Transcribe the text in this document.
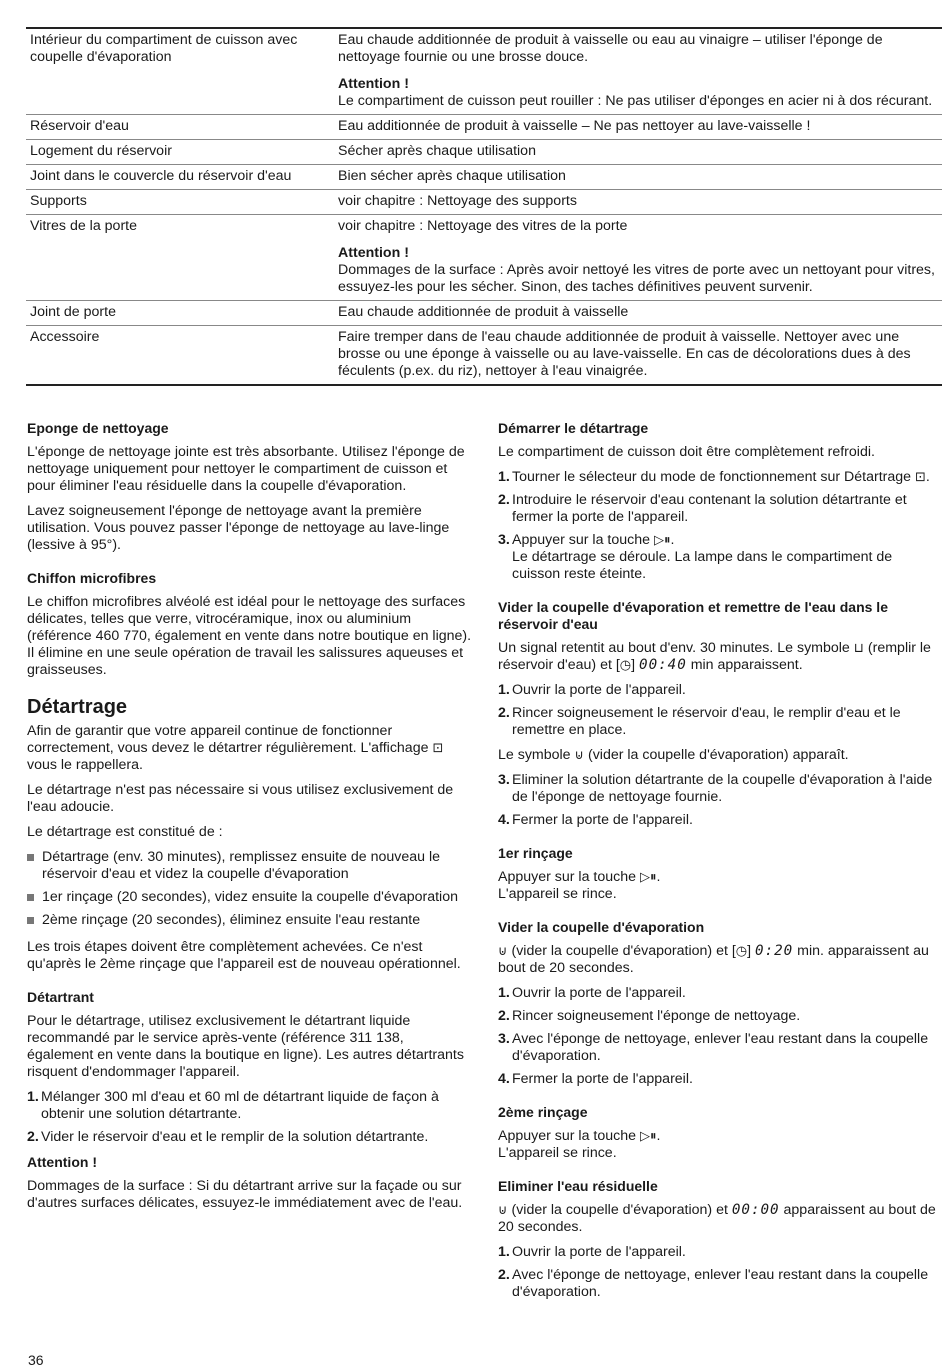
Intérieur du compartiment de cuisson avec coupelle d'évaporation	Eau chaude additionnée de produit à vaisselle ou eau au vinaigre – utiliser l'éponge de nettoyage fournie ou une brosse douce.
Attention !
Le compartiment de cuisson peut rouiller : Ne pas utiliser d'éponges en acier ni à dos récurant.

Réservoir d'eau	Eau additionnée de produit à vaisselle – Ne pas nettoyer au lave-vaisselle !
Logement du réservoir	Sécher après chaque utilisation
Joint dans le couvercle du réservoir d'eau	Bien sécher après chaque utilisation
Supports	voir chapitre : Nettoyage des supports
Vitres de la porte	voir chapitre : Nettoyage des vitres de la porte
Attention !
Dommages de la surface : Après avoir nettoyé les vitres de porte avec un nettoyant pour vitres, essuyez-les pour les sécher. Sinon, des taches définitives peuvent survenir.

Joint de porte	Eau chaude additionnée de produit à vaisselle
Accessoire	Faire tremper dans de l'eau chaude additionnée de produit à vaisselle. Nettoyer avec une brosse ou une éponge à vaisselle ou au lave-vaisselle. En cas de décolorations dues à des féculents (p.ex. du riz), nettoyer à l'eau vinaigrée.
Eponge de nettoyage

L'éponge de nettoyage jointe est très absorbante. Utilisez l'éponge de nettoyage uniquement pour nettoyer le compartiment de cuisson et pour éliminer l'eau résiduelle dans la coupelle d'évaporation.

Lavez soigneusement l'éponge de nettoyage avant la première utilisation. Vous pouvez passer l'éponge de nettoyage au lave-linge (lessive à 95°).

Chiffon microfibres

Le chiffon microfibres alvéolé est idéal pour le nettoyage des surfaces délicates, telles que verre, vitrocéramique, inox ou aluminium (référence 460 770, également en vente dans notre boutique en ligne). Il élimine en une seule opération de travail les salissures aqueuses et graisseuses.

Détartrage

Afin de garantir que votre appareil continue de fonctionner correctement, vous devez le détartrer régulièrement. L'affichage ⊡ vous le rappellera.

Le détartrage n'est pas nécessaire si vous utilisez exclusivement de l'eau adoucie.

Le détartrage est constitué de :

Détartrage (env. 30 minutes), remplissez ensuite de nouveau le réservoir d'eau et videz la coupelle d'évaporation
1er rinçage (20 secondes), videz ensuite la coupelle d'évaporation
2ème rinçage (20 secondes), éliminez ensuite l'eau restante

Les trois étapes doivent être complètement achevées. Ce n'est qu'après le 2ème rinçage que l'appareil est de nouveau opérationnel.

Détartrant

Pour le détartrage, utilisez exclusivement le détartrant liquide recommandé par le service après-vente (référence 311 138, également en vente dans la boutique en ligne). Les autres détartrants risquent d'endommager l'appareil.

1. Mélanger 300 ml d'eau et 60 ml de détartrant liquide de façon à obtenir une solution détartrante.
2. Vider le réservoir d'eau et le remplir de la solution détartrante.
Attention !

Dommages de la surface : Si du détartrant arrive sur la façade ou sur d'autres surfaces délicates, essuyez-le immédiatement avec de l'eau.

Démarrer le détartrage

Le compartiment de cuisson doit être complètement refroidi.

1. Tourner le sélecteur du mode de fonctionnement sur Détartrage ⊡.
2. Introduire le réservoir d'eau contenant la solution détartrante et fermer la porte de l'appareil.
3. Appuyer sur la touche ▷⏸.
Le détartrage se déroule. La lampe dans le compartiment de cuisson reste éteinte.
Vider la coupelle d'évaporation et remettre de l'eau dans le réservoir d'eau

Un signal retentit au bout d'env. 30 minutes. Le symbole ⊔ (remplir le réservoir d'eau) et [◷] 00:40 min apparaissent.

1. Ouvrir la porte de l'appareil.
2. Rincer soigneusement le réservoir d'eau, le remplir d'eau et le remettre en place.

Le symbole ⊍ (vider la coupelle d'évaporation) apparaît.

3. Eliminer la solution détartrante de la coupelle d'évaporation à l'aide de l'éponge de nettoyage fournie.
4. Fermer la porte de l'appareil.
1er rinçage

Appuyer sur la touche ▷⏸.
L'appareil se rince.

Vider la coupelle d'évaporation

⊍ (vider la coupelle d'évaporation) et [◷] 0:20 min. apparaissent au bout de 20 secondes.

1. Ouvrir la porte de l'appareil.
2. Rincer soigneusement l'éponge de nettoyage.
3. Avec l'éponge de nettoyage, enlever l'eau restant dans la coupelle d'évaporation.
4. Fermer la porte de l'appareil.
2ème rinçage

Appuyer sur la touche ▷⏸.
L'appareil se rince.

Eliminer l'eau résiduelle

⊍ (vider la coupelle d'évaporation) et 00:00 apparaissent au bout de 20 secondes.

1. Ouvrir la porte de l'appareil.
2. Avec l'éponge de nettoyage, enlever l'eau restant dans la coupelle d'évaporation.
36
